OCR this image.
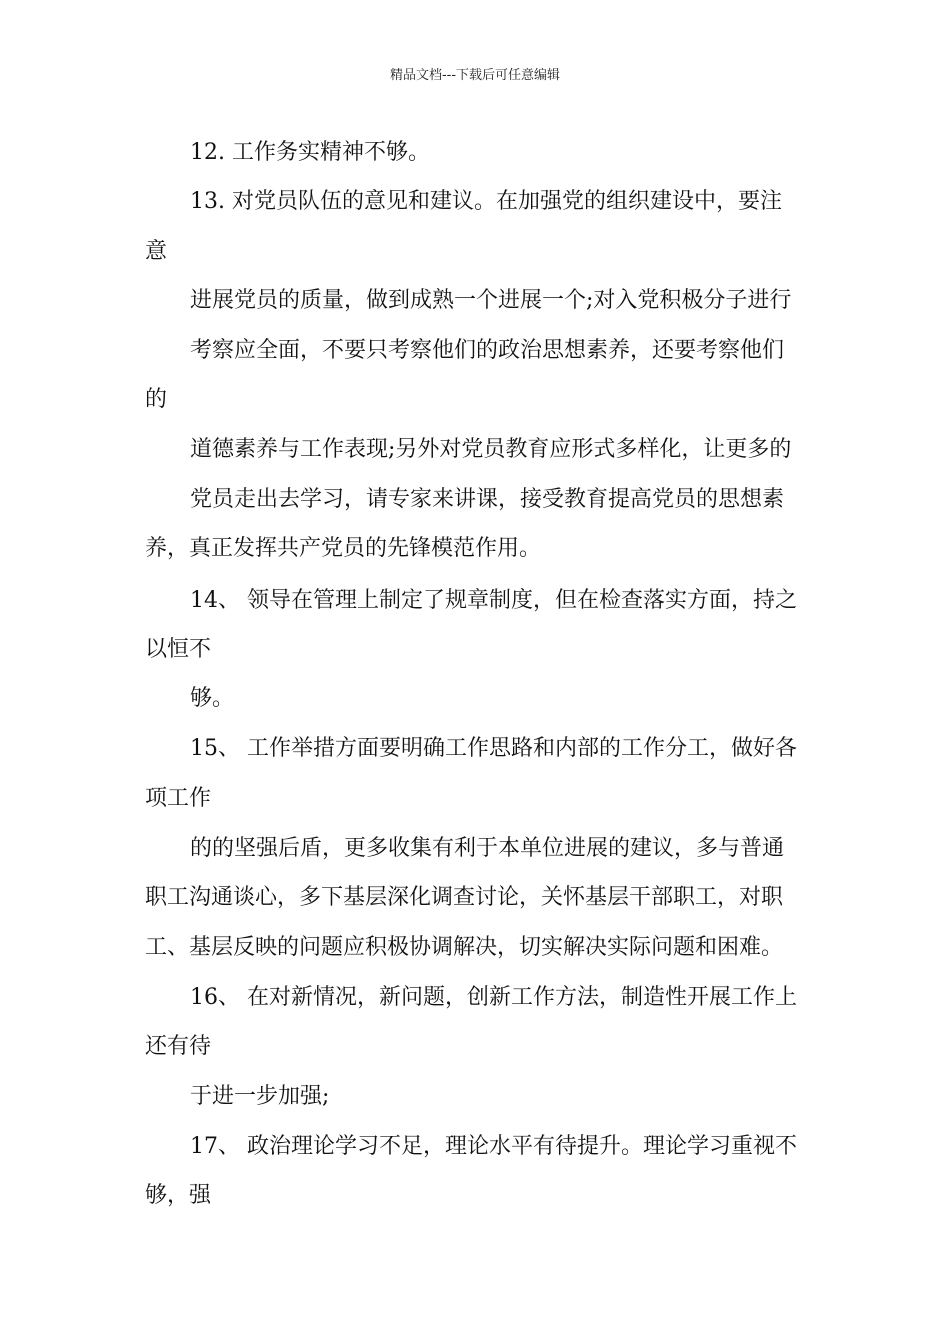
精品文档---下载后可任意编辑
12. 工作务实精神不够。
13. 对党员队伍的意见和建议。在加强党的组织建设中，要注
意
进展党员的质量，做到成熟一个进展一个;对入党积极分子进行
考察应全面，不要只考察他们的政治思想素养，还要考察他们
的
道德素养与工作表现;另外对党员教育应形式多样化，让更多的
党员走出去学习，请专家来讲课，接受教育提高党员的思想素
养，真正发挥共产党员的先锋模范作用。
14、 领导在管理上制定了规章制度，但在检查落实方面，持之
以恒不
够。
15、 工作举措方面要明确工作思路和内部的工作分工，做好各
项工作
的的坚强后盾，更多收集有利于本单位进展的建议，多与普通
职工沟通谈心，多下基层深化调查讨论，关怀基层干部职工，对职
工、基层反映的问题应积极协调解决，切实解决实际问题和困难。
16、 在对新情况，新问题，创新工作方法，制造性开展工作上
还有待
于进一步加强;
17、 政治理论学习不足，理论水平有待提升。理论学习重视不
够，强
